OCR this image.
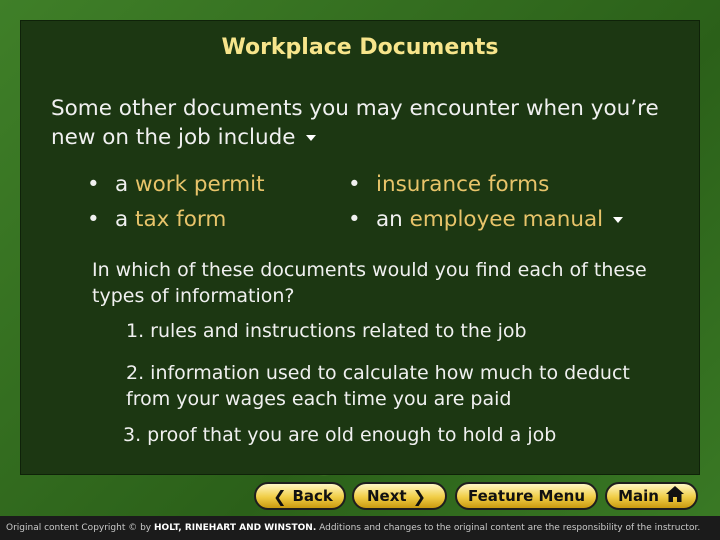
Workplace Documents
Some other documents you may encounter when you’re new on the job include
• a work permit
• a tax form
• insurance forms
• an employee manual
In which of these documents would you find each of these types of information?
1. rules and instructions related to the job
2. information used to calculate how much to deduct from your wages each time you are paid
3. proof that you are old enough to hold a job
❮ Back Next ❯	Feature Menu Main
Original content Copyright © by HOLT, RINEHART AND WINSTON. Additions and changes to the original content are the responsibility of the instructor.
